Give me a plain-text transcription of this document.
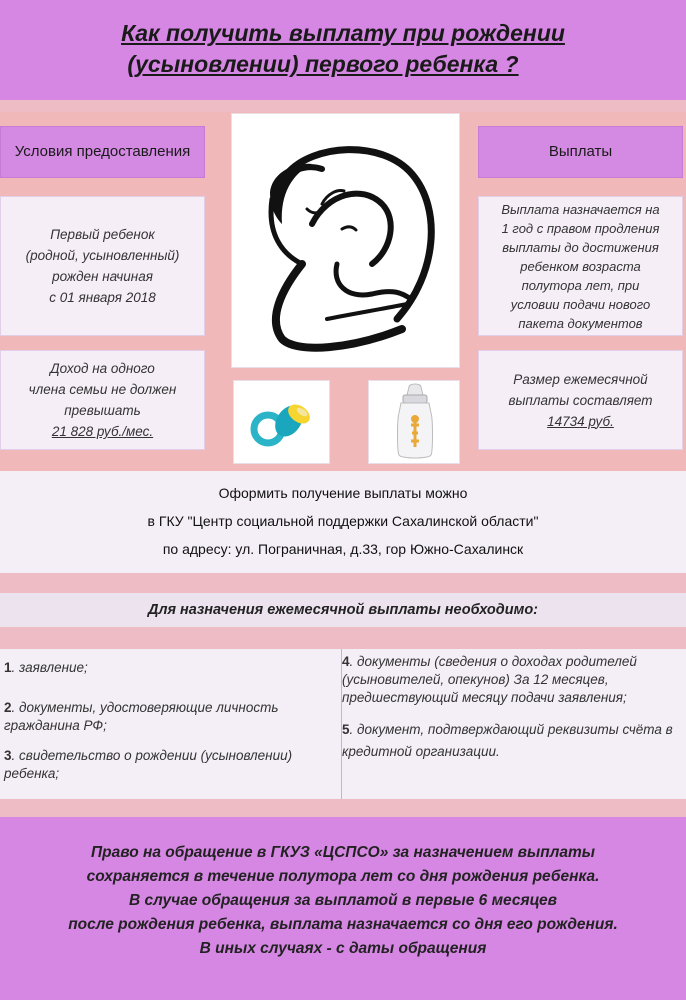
Как получить выплату при рождении
(усыновлении) первого ребенка ?
Условия предоставления	Выплаты
Первый ребенок
(родной, усыновленный)
рожден начиная
с 01 января 2018
Доход на одного
члена семьи не должен
превышать
21 828 руб./мес.
Выплата назначается на
1 год с правом продления
выплаты до достижения
ребенком возраста
полутора лет, при
условии подачи нового
пакета документов
Размер ежемесячной
выплаты составляет
14734 руб.
Оформить получение выплаты можно
в ГКУ "Центр социальной поддержки Сахалинской области"
по адресу: ул. Пограничная, д.33, гор Южно-Сахалинск
Для назначения ежемесячной выплаты необходимо:

1. заявление;

2. документы, удостоверяющие личность гражданина РФ;

3. свидетельство о рождении (усыновлении) ребенка;

4. документы (сведения о доходах родителей (усыновителей, опекунов) За 12 месяцев, предшествующий месяцу подачи заявления;

5. документ, подтверждающий реквизиты счёта в кредитной организации.

Право на обращение в ГКУЗ «ЦСПСО» за назначением выплаты
сохраняется в течение полутора лет со дня рождения ребенка.
В случае обращения за выплатой в первые 6 месяцев
после рождения ребенка, выплата назначается со дня его рождения.
В иных случаях - с даты обращения
